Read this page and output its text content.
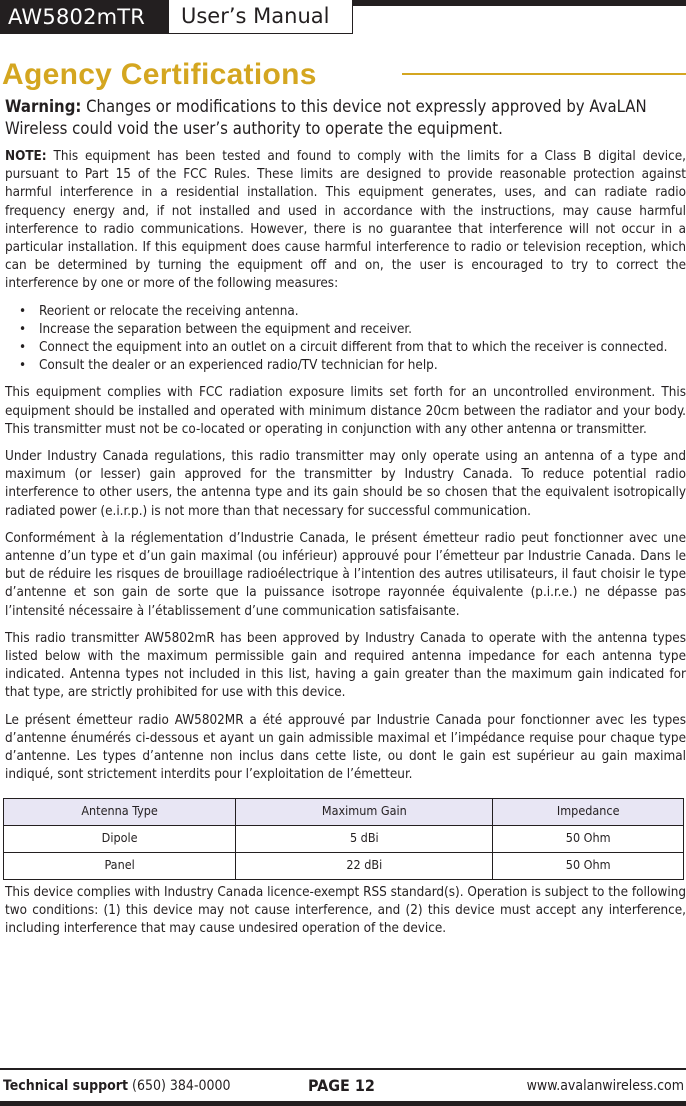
AW5802mTR	User’s Manual
Agency Certifications
Warning: Changes or modiﬁcations to this device not expressly approved by AvaLAN Wireless could void the user’s authority to operate the equipment.

NOTE: This equipment has been tested and found to comply with the limits for a Class B digital device, pursuant to Part 15 of the FCC Rules. These limits are designed to provide reasonable protection against harmful interference in a residential installation. This equipment generates, uses, and can radiate radio frequency energy and, if not installed and used in accordance with the instructions, may cause harmful interference to radio communications. However, there is no guarantee that interference will not occur in a particular installation. If this equipment does cause harmful interference to radio or television reception, which can be determined by turning the equipment oﬀ and on, the user is encouraged to try to correct the interference by one or more of the following measures:

• Reorient or relocate the receiving antenna.
• Increase the separation between the equipment and receiver.
• Connect the equipment into an outlet on a circuit diﬀerent from that to which the receiver is connected.
• Consult the dealer or an experienced radio/TV technician for help.

This equipment complies with FCC radiation exposure limits set forth for an uncontrolled environment. This equipment should be installed and operated with minimum distance 20cm between the radiator and your body. This transmitter must not be co-located or operating in conjunction with any other antenna or transmitter.

Under Industry Canada regulations, this radio transmitter may only operate using an antenna of a type and maximum (or lesser) gain approved for the transmitter by Industry Canada. To reduce potential radio interference to other users, the antenna type and its gain should be so chosen that the equivalent isotropically radiated power (e.i.r.p.) is not more than that necessary for successful communication.

Conformément à la réglementation d’Industrie Canada, le présent émetteur radio peut fonctionner avec une antenne d’un type et d’un gain maximal (ou inférieur) approuvé pour l’émetteur par Industrie Canada. Dans le but de réduire les risques de brouillage radioélectrique à l’intention des autres utilisateurs, il faut choisir le type d’antenne et son gain de sorte que la puissance isotrope rayonnée équivalente (p.i.r.e.) ne dépasse pas l’intensité nécessaire à l’établissement d’une communication satisfaisante.

This radio transmitter AW5802mR has been approved by Industry Canada to operate with the antenna types listed below with the maximum permissible gain and required antenna impedance for each antenna type indicated. Antenna types not included in this list, having a gain greater than the maximum gain indicated for that type, are strictly prohibited for use with this device.

Le présent émetteur radio AW5802MR a été approuvé par Industrie Canada pour fonctionner avec les types d’antenne énumérés ci-dessous et ayant un gain admissible maximal et l’impédance requise pour chaque type d’antenne. Les types d’antenne non inclus dans cette liste, ou dont le gain est supérieur au gain maximal indiqué, sont strictement interdits pour l’exploitation de l’émetteur.

Antenna Type	Maximum Gain	Impedance
Dipole	5 dBi	50 Ohm
Panel	22 dBi	50 Ohm

This device complies with Industry Canada licence-exempt RSS standard(s). Operation is subject to the following two conditions: (1) this device may not cause interference, and (2) this device must accept any interference, including interference that may cause undesired operation of the device.

Technical support (650) 384-0000	PAGE 12	www.avalanwireless.com
